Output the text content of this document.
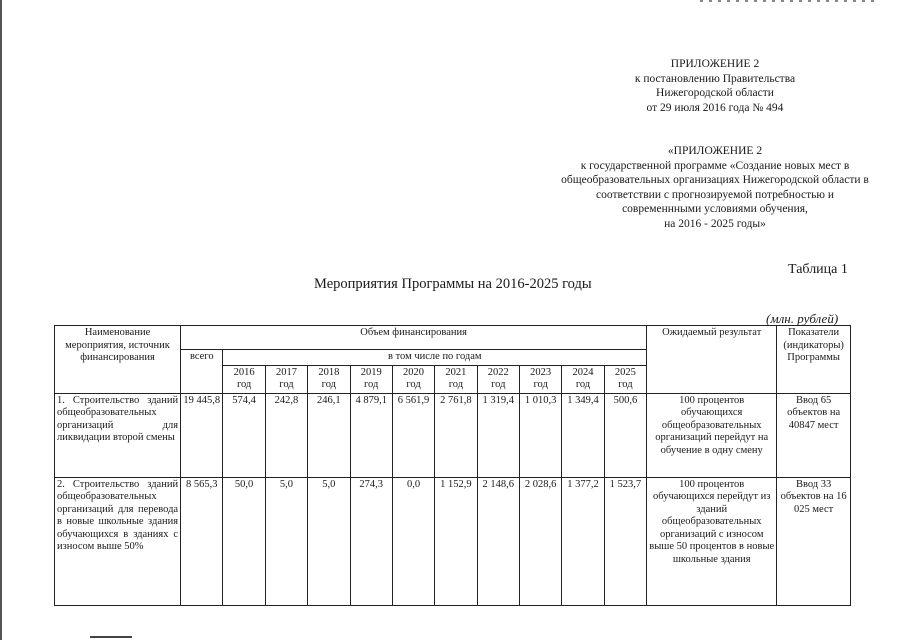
ПРИЛОЖЕНИЕ 2
к постановлению Правительства
Нижегородской области
от 29 июля 2016 года № 494
«ПРИЛОЖЕНИЕ 2
к государственной программе «Создание новых мест в
общеобразовательных организациях Нижегородской области в
соответствии с прогнозируемой потребностью и
современнными условиями обучения,
на 2016 - 2025 годы»
Таблица 1
Мероприятия Программы на 2016-2025 годы
(млн. рублей)
Наименование мероприятия, источник финансирования	Объем финансирования											Ожидаемый результат	Показатели (индикаторы) Программы
	всего	в том числе по годам											
		2016 год	2017 год	2018 год	2019 год	2020 год	2021 год	2022 год	2023 год	2024 год	2025 год		
1. Строительство зданий общеобразовательных организаций для ликвидации второй смены	19 445,8	574,4	242,8	246,1	4 879,1	6 561,9	2 761,8	1 319,4	1 010,3	1 349,4	500,6	100 процентов обучающихся общеобразовательных организаций перейдут на обучение в одну смену	Ввод 65 объектов на 40847 мест
2. Строительство зданий общеобразовательных организаций для перевода в новые школьные здания обучающихся в зданиях с износом выше 50%	8 565,3	50,0	5,0	5,0	274,3	0,0	1 152,9	2 148,6	2 028,6	1 377,2	1 523,7	100 процентов обучающихся перейдут из зданий общеобразовательных организаций с износом выше 50 процентов в новые школьные здания	Ввод 33 объектов на 16 025 мест
